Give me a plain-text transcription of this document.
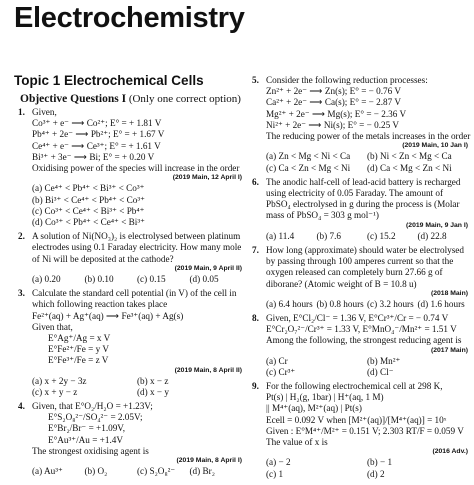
Electrochemistry
Topic 1 Electrochemical Cells
Objective Questions I (Only one correct option)
1. Given,
Co³⁺ + e⁻ ⟶ Co²⁺; E° = + 1.81 V
Pb⁴⁺ + 2e⁻ ⟶ Pb²⁺; E° = + 1.67 V
Ce⁴⁺ + e⁻ ⟶ Ce³⁺; E° = + 1.61 V
Bi³⁺ + 3e⁻ ⟶ Bi; E° = + 0.20 V
Oxidising power of the species will increase in the order
(2019 Main, 12 April I)
(a) Ce⁴⁺ < Pb⁴⁺ < Bi³⁺ < Co³⁺
(b) Bi³⁺ < Ce⁴⁺ < Pb⁴⁺ < Co³⁺
(c) Co³⁺ < Ce⁴⁺ < Bi³⁺ < Pb⁴⁺
(d) Co³⁺ < Pb⁴⁺ < Ce⁴⁺ < Bi³⁺
2. A solution of Ni(NO₃)₂ is electrolysed between platinum electrodes using 0.1 Faraday electricity. How many mole of Ni will be deposited at the cathode?
(2019 Main, 9 April II)
(a) 0.20	(b) 0.10	(c) 0.15	(d) 0.05
3. Calculate the standard cell potential (in V) of the cell in which following reaction takes place
Fe²⁺(aq) + Ag⁺(aq) ⟶ Fe³⁺(aq) + Ag(s)
Given that,
E°Ag⁺/Ag = x V
E°Fe²⁺/Fe = y V
E°Fe³⁺/Fe = z V
(2019 Main, 8 April II)
(a) x + 2y − 3z	(b) x − z
(c) x + y − z	(d) x − y
4. Given, that E°O₂/H₂O = +1.23V;
E°S₂O₈²⁻/SO₄²⁻ = 2.05V;
E°Br₂/Br⁻ = +1.09V,
E°Au³⁺/Au = +1.4V
The strongest oxidising agent is
(2019 Main, 8 April I)
(a) Au³⁺	(b) O₂	(c) S₂O₈²⁻	(d) Br₂
5. Consider the following reduction processes:
Zn²⁺ + 2e⁻ ⟶ Zn(s); E° = − 0.76 V
Ca²⁺ + 2e⁻ ⟶ Ca(s); E° = − 2.87 V
Mg²⁺ + 2e⁻ ⟶ Mg(s); E° = − 2.36 V
Ni²⁺ + 2e⁻ ⟶ Ni(s); E° = − 0.25 V
The reducing power of the metals increases in the order
(2019 Main, 10 Jan I)
(a) Zn < Mg < Ni < Ca	(b) Ni < Zn < Mg < Ca
(c) Ca < Zn < Mg < Ni	(d) Ca < Mg < Zn < Ni
6. The anodic half-cell of lead-acid battery is recharged using electricity of 0.05 Faraday. The amount of PbSO₄ electrolysed in g during the process is (Molar mass of PbSO₄ = 303 g mol⁻¹)
(2019 Main, 9 Jan I)
(a) 11.4	(b) 7.6	(c) 15.2	(d) 22.8
7. How long (approximate) should water be electrolysed by passing through 100 amperes current so that the oxygen released can completely burn 27.66 g of diborane? (Atomic weight of B = 10.8 u)
(2018 Main)
(a) 6.4 hours (b) 0.8 hours (c) 3.2 hours (d) 1.6 hours
8. Given, E°Cl₂/Cl⁻ = 1.36 V, E°Cr³⁺/Cr = − 0.74 V
E°Cr₂O₇²⁻/Cr³⁺ = 1.33 V, E°MnO₄⁻/Mn²⁺ = 1.51 V
Among the following, the strongest reducing agent is
(2017 Main)
(a) Cr	(b) Mn²⁺
(c) Cr³⁺	(d) Cl⁻
9. For the following electrochemical cell at 298 K,
Pt(s) | H₂(g, 1bar) | H⁺(aq, 1 M)
|| M⁴⁺(aq), M²⁺(aq) | Pt(s)
Ecell = 0.092 V when [M²⁺(aq)]/[M⁴⁺(aq)] = 10ˣ
Given : E°M⁴⁺/M²⁺ = 0.151 V; 2.303 RT/F = 0.059 V
The value of x is
(2016 Adv.)
(a) − 2	(b) − 1
(c) 1	(d) 2
